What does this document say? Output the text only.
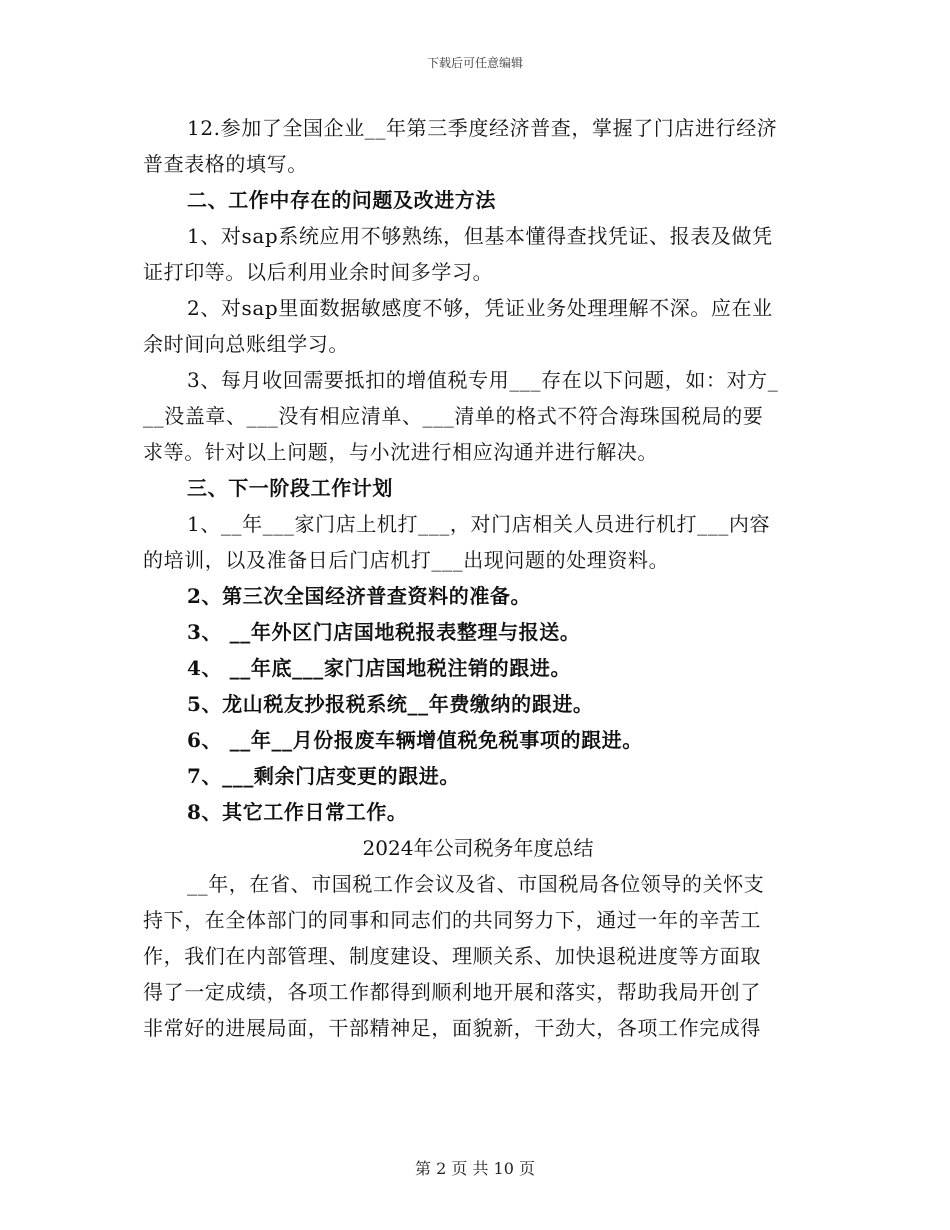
下载后可任意编辑
12.参加了全国企业__年第三季度经济普查，掌握了门店进行经济
普查表格的填写。
二、工作中存在的问题及改进方法
1、对sap系统应用不够熟练，但基本懂得查找凭证、报表及做凭
证打印等。以后利用业余时间多学习。
2、对sap里面数据敏感度不够，凭证业务处理理解不深。应在业
余时间向总账组学习。
3、每月收回需要抵扣的增值税专用___存在以下问题，如：对方_
__没盖章、___没有相应清单、___清单的格式不符合海珠国税局的要
求等。针对以上问题，与小沈进行相应沟通并进行解决。
三、下一阶段工作计划
1、__年___家门店上机打___，对门店相关人员进行机打___内容
的培训，以及准备日后门店机打___出现问题的处理资料。
2、第三次全国经济普查资料的准备。
3、 __年外区门店国地税报表整理与报送。
4、 __年底___家门店国地税注销的跟进。
5、龙山税友抄报税系统__年费缴纳的跟进。
6、 __年__月份报废车辆增值税免税事项的跟进。
7、___剩余门店变更的跟进。
8、其它工作日常工作。
2024年公司税务年度总结
__年，在省、市国税工作会议及省、市国税局各位领导的关怀支
持下，在全体部门的同事和同志们的共同努力下，通过一年的辛苦工
作，我们在内部管理、制度建设、理顺关系、加快退税进度等方面取
得了一定成绩，各项工作都得到顺利地开展和落实，帮助我局开创了
非常好的进展局面，干部精神足，面貌新，干劲大，各项工作完成得
第 2 页 共 10 页
